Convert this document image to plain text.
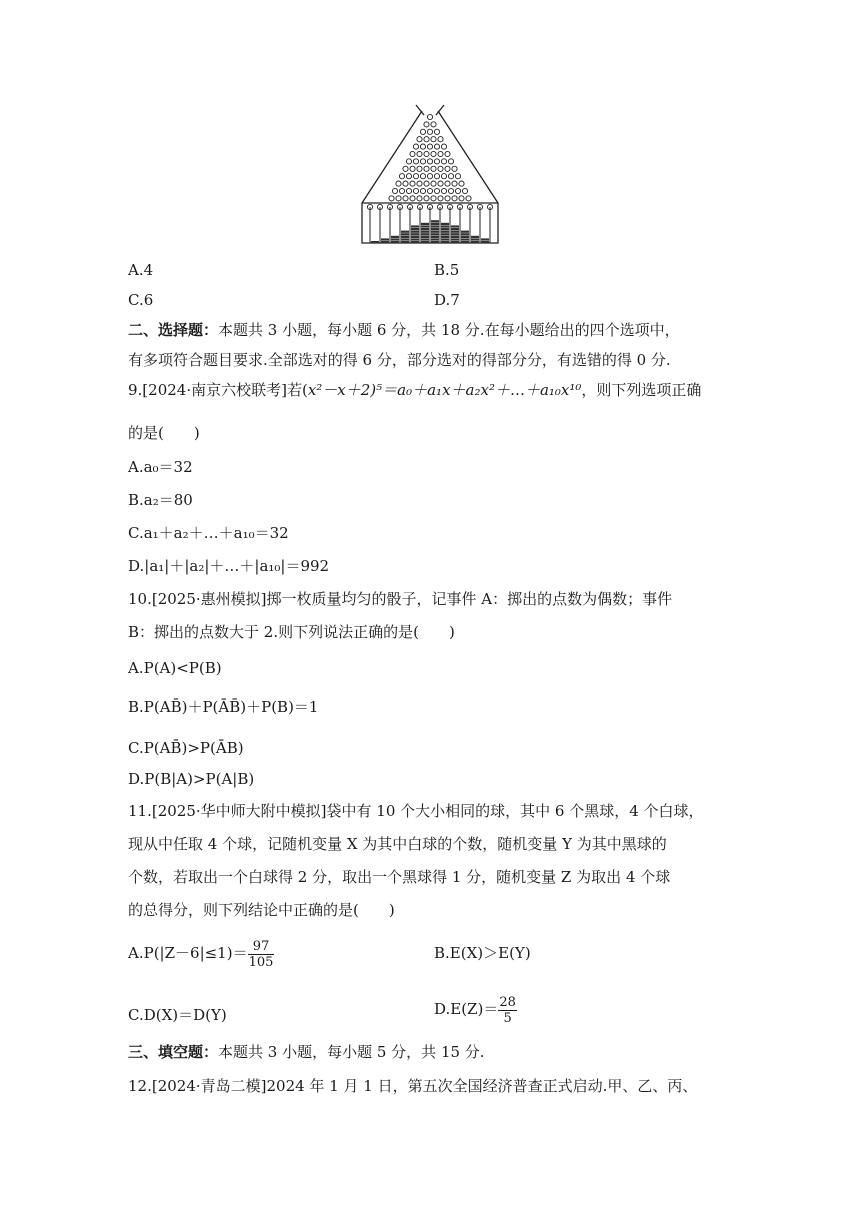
A.4	B.5
C.6	D.7
二、选择题：本题共 3 小题，每小题 6 分，共 18 分.在每小题给出的四个选项中，
有多项符合题目要求.全部选对的得 6 分，部分选对的得部分分，有选错的得 0 分.
9.[2024·南京六校联考]若(x²－x＋2)⁵＝a₀＋a₁x＋a₂x²＋…＋a₁₀x¹⁰，则下列选项正确
的是(　　)
A.a₀＝32
B.a₂＝80
C.a₁＋a₂＋…＋a₁₀＝32
D.|a₁|＋|a₂|＋…＋|a₁₀|＝992
10.[2025·惠州模拟]掷一枚质量均匀的骰子，记事件 A：掷出的点数为偶数；事件
B：掷出的点数大于 2.则下列说法正确的是(　　)
A.P(A)<P(B)
B.P(AB̄)＋P(ĀB̄)＋P(B)＝1
C.P(AB̄)>P(ĀB)
D.P(B|A)>P(A|B)
11.[2025·华中师大附中模拟]袋中有 10 个大小相同的球，其中 6 个黑球，4 个白球，
现从中任取 4 个球，记随机变量 X 为其中白球的个数，随机变量 Y 为其中黑球的
个数，若取出一个白球得 2 分，取出一个黑球得 1 分，随机变量 Z 为取出 4 个球
的总得分，则下列结论中正确的是(　　)
$A.P(|Z-6|\le 1)= \frac{97}{105}$	B.E(X)＞E(Y)
C.D(X)＝D(Y)	$D.E(Z)= \frac{28}{5}$
三、填空题：本题共 3 小题，每小题 5 分，共 15 分.
12.[2024·青岛二模]2024 年 1 月 1 日，第五次全国经济普查正式启动.甲、乙、丙、
